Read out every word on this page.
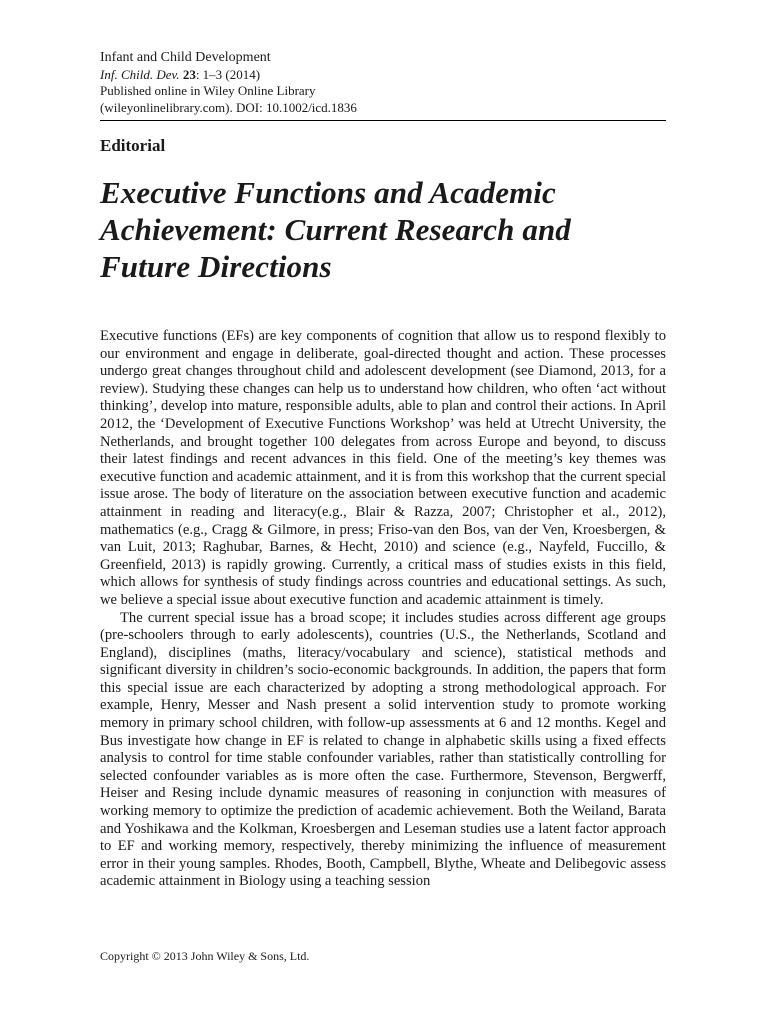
Infant and Child Development
Inf. Child. Dev. 23: 1–3 (2014)
Published online in Wiley Online Library
(wileyonlinelibrary.com). DOI: 10.1002/icd.1836
Editorial
Executive Functions and Academic Achievement: Current Research and Future Directions

Executive functions (EFs) are key components of cognition that allow us to respond flexibly to our environment and engage in deliberate, goal-directed thought and action. These processes undergo great changes throughout child and adolescent development (see Diamond, 2013, for a review). Studying these changes can help us to understand how children, who often ‘act without thinking’, develop into mature, responsible adults, able to plan and control their actions. In April 2012, the ‘Development of Executive Functions Workshop’ was held at Utrecht University, the Netherlands, and brought together 100 delegates from across Europe and beyond, to discuss their latest findings and recent advances in this field. One of the meeting’s key themes was executive function and academic attainment, and it is from this workshop that the current special issue arose. The body of literature on the association between executive function and academic attainment in reading and literacy(e.g., Blair & Razza, 2007; Christopher et al., 2012), mathematics (e.g., Cragg & Gilmore, in press; Friso-van den Bos, van der Ven, Kroesbergen, & van Luit, 2013; Raghubar, Barnes, & Hecht, 2010) and science (e.g., Nayfeld, Fuccillo, & Greenfield, 2013) is rapidly growing. Currently, a critical mass of studies exists in this field, which allows for synthesis of study findings across countries and educational settings. As such, we believe a special issue about executive function and academic attainment is timely.

The current special issue has a broad scope; it includes studies across different age groups (pre-schoolers through to early adolescents), countries (U.S., the Netherlands, Scotland and England), disciplines (maths, literacy/vocabulary and science), statistical methods and significant diversity in children’s socio-economic backgrounds. In addition, the papers that form this special issue are each characterized by adopting a strong methodological approach. For example, Henry, Messer and Nash present a solid intervention study to promote working memory in primary school children, with follow-up assessments at 6 and 12 months. Kegel and Bus investigate how change in EF is related to change in alphabetic skills using a fixed effects analysis to control for time stable confounder variables, rather than statistically controlling for selected confounder variables as is more often the case. Furthermore, Stevenson, Bergwerff, Heiser and Resing include dynamic measures of reasoning in conjunction with measures of working memory to optimize the prediction of academic achievement. Both the Weiland, Barata and Yoshikawa and the Kolkman, Kroesbergen and Leseman studies use a latent factor approach to EF and working memory, respectively, thereby minimizing the influence of measurement error in their young samples. Rhodes, Booth, Campbell, Blythe, Wheate and Delibegovic assess academic attainment in Biology using a teaching session

Copyright © 2013 John Wiley & Sons, Ltd.
